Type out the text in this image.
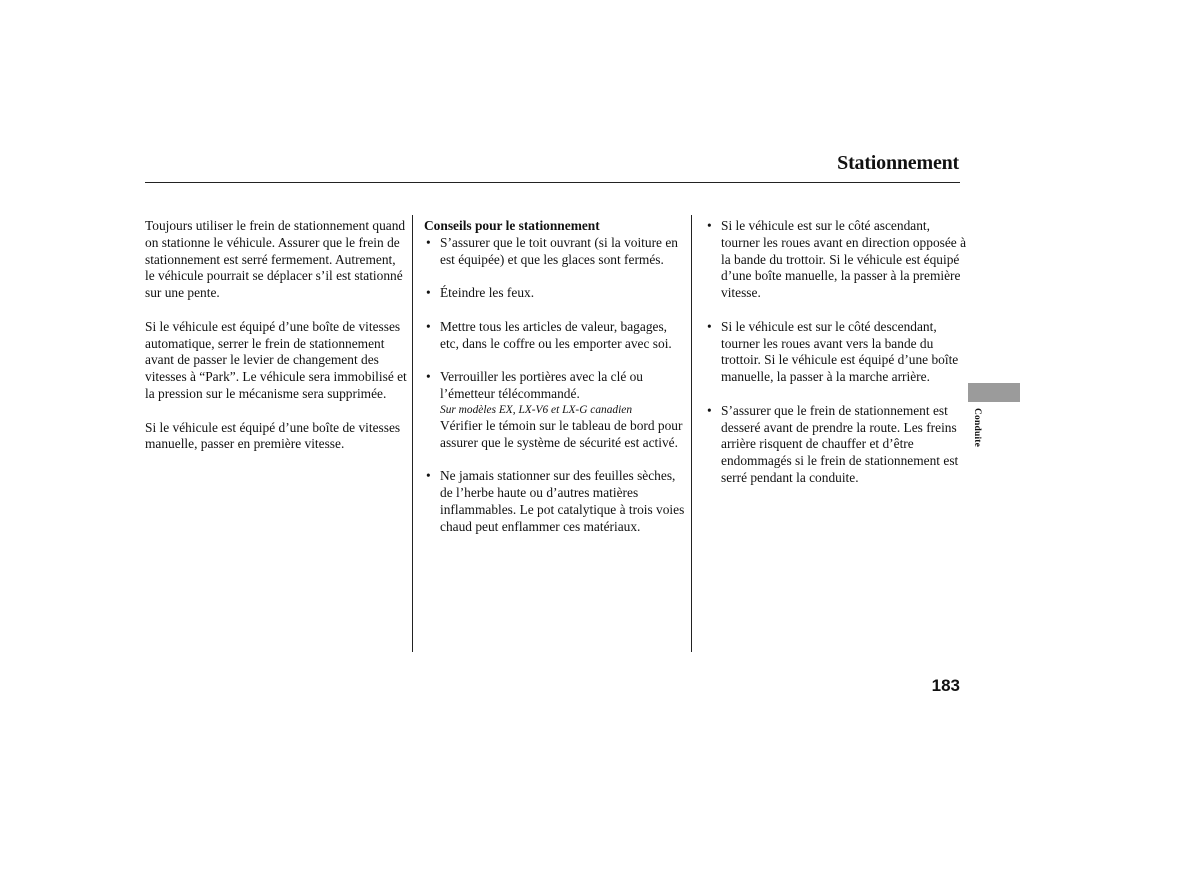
Stationnement

Toujours utiliser le frein de stationnement quand on stationne le véhicule. Assurer que le frein de stationnement est serré fermement. Autrement, le véhicule pourrait se déplacer s’il est stationné sur une pente.

Si le véhicule est équipé d’une boîte de vitesses automatique, serrer le frein de stationnement avant de passer le levier de changement des vitesses à “Park”. Le véhicule sera immobilisé et la pression sur le mécanisme sera supprimée.

Si le véhicule est équipé d’une boîte de vitesses manuelle, passer en première vitesse.

Conseils pour le stationnement

• S’assurer que le toit ouvrant (si la voiture en est équipée) et que les glaces sont fermés.
• Éteindre les feux.
• Mettre tous les articles de valeur, bagages, etc, dans le coffre ou les emporter avec soi.
• Verrouiller les portières avec la clé ou l’émetteur télécommandé.
Sur modèles EX, LX-V6 et LX-G canadien
Vérifier le témoin sur le tableau de bord pour assurer que le système de sécurité est activé.
• Ne jamais stationner sur des feuilles sèches, de l’herbe haute ou d’autres matières inflammables. Le pot catalytique à trois voies chaud peut enflammer ces matériaux.
• Si le véhicule est sur le côté ascendant, tourner les roues avant en direction opposée à la bande du trottoir. Si le véhicule est équipé d’une boîte manuelle, la passer à la première vitesse.
• Si le véhicule est sur le côté descendant, tourner les roues avant vers la bande du trottoir. Si le véhicule est équipé d’une boîte manuelle, la passer à la marche arrière.
• S’assurer que le frein de stationnement est desseré avant de prendre la route. Les freins arrière risquent de chauffer et d’être endommagés si le frein de stationnement est serré pendant la conduite.
Conduite
183
